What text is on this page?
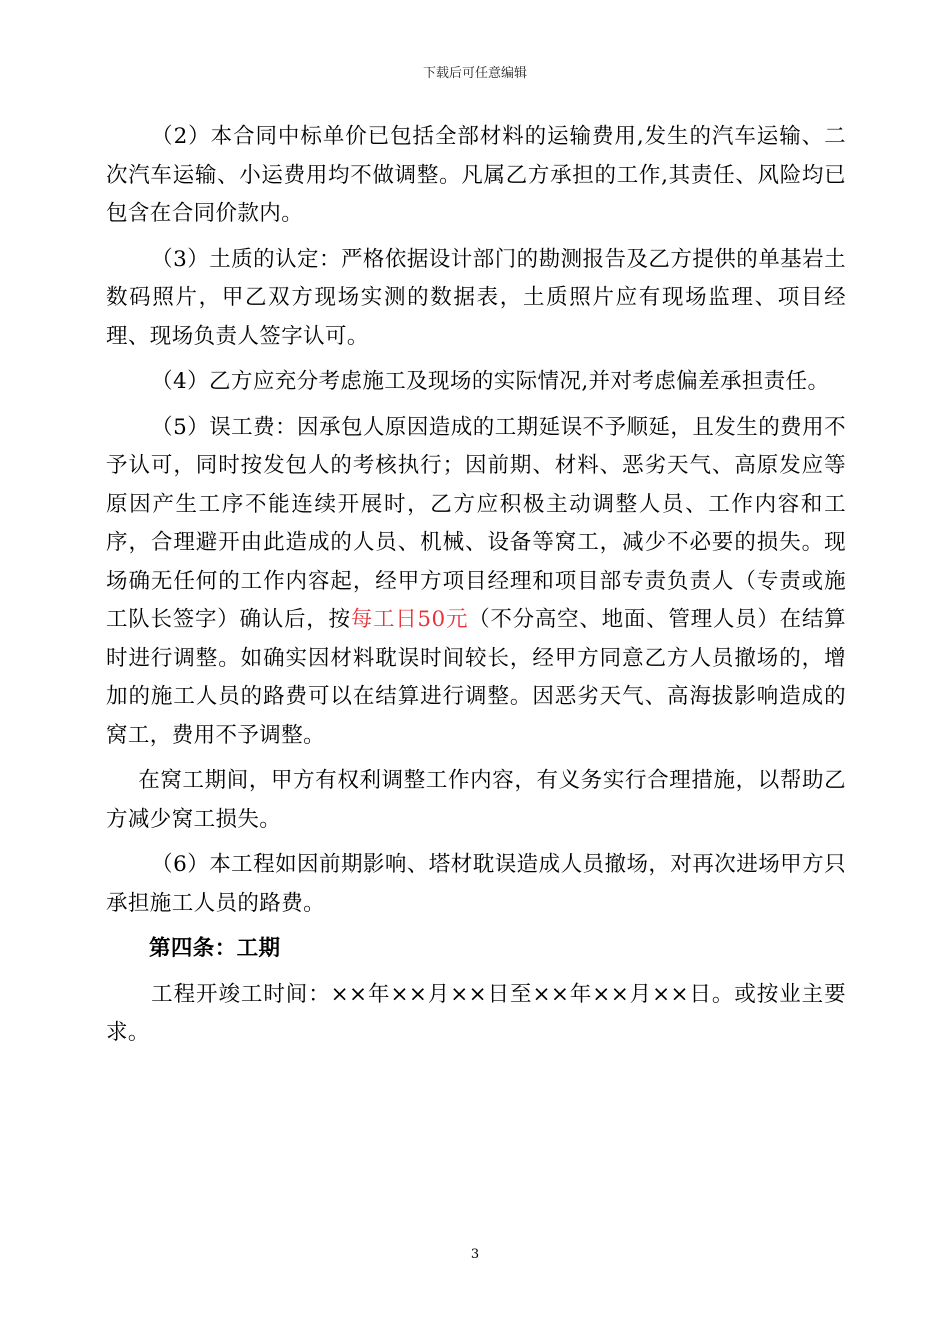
下载后可任意编辑

（2）本合同中标单价已包括全部材料的运输费用,发生的汽车运输、二次汽车运输、小运费用均不做调整。凡属乙方承担的工作,其责任、风险均已包含在合同价款内。

（3）土质的认定：严格依据设计部门的勘测报告及乙方提供的单基岩土数码照片，甲乙双方现场实测的数据表，土质照片应有现场监理、项目经理、现场负责人签字认可。

（4）乙方应充分考虑施工及现场的实际情况,并对考虑偏差承担责任。

（5）误工费：因承包人原因造成的工期延误不予顺延，且发生的费用不予认可，同时按发包人的考核执行；因前期、材料、恶劣天气、高原发应等原因产生工序不能连续开展时，乙方应积极主动调整人员、工作内容和工序，合理避开由此造成的人员、机械、设备等窝工，减少不必要的损失。现场确无任何的工作内容起，经甲方项目经理和项目部专责负责人（专责或施工队长签字）确认后，按每工日50元（不分高空、地面、管理人员）在结算时进行调整。如确实因材料耽误时间较长，经甲方同意乙方人员撤场的，增加的施工人员的路费可以在结算进行调整。因恶劣天气、高海拔影响造成的窝工，费用不予调整。

在窝工期间，甲方有权利调整工作内容，有义务实行合理措施，以帮助乙方减少窝工损失。

（6）本工程如因前期影响、塔材耽误造成人员撤场，对再次进场甲方只承担施工人员的路费。

第四条：工期

工程开竣工时间：××年××月××日至××年××月××日。或按业主要求。

3
